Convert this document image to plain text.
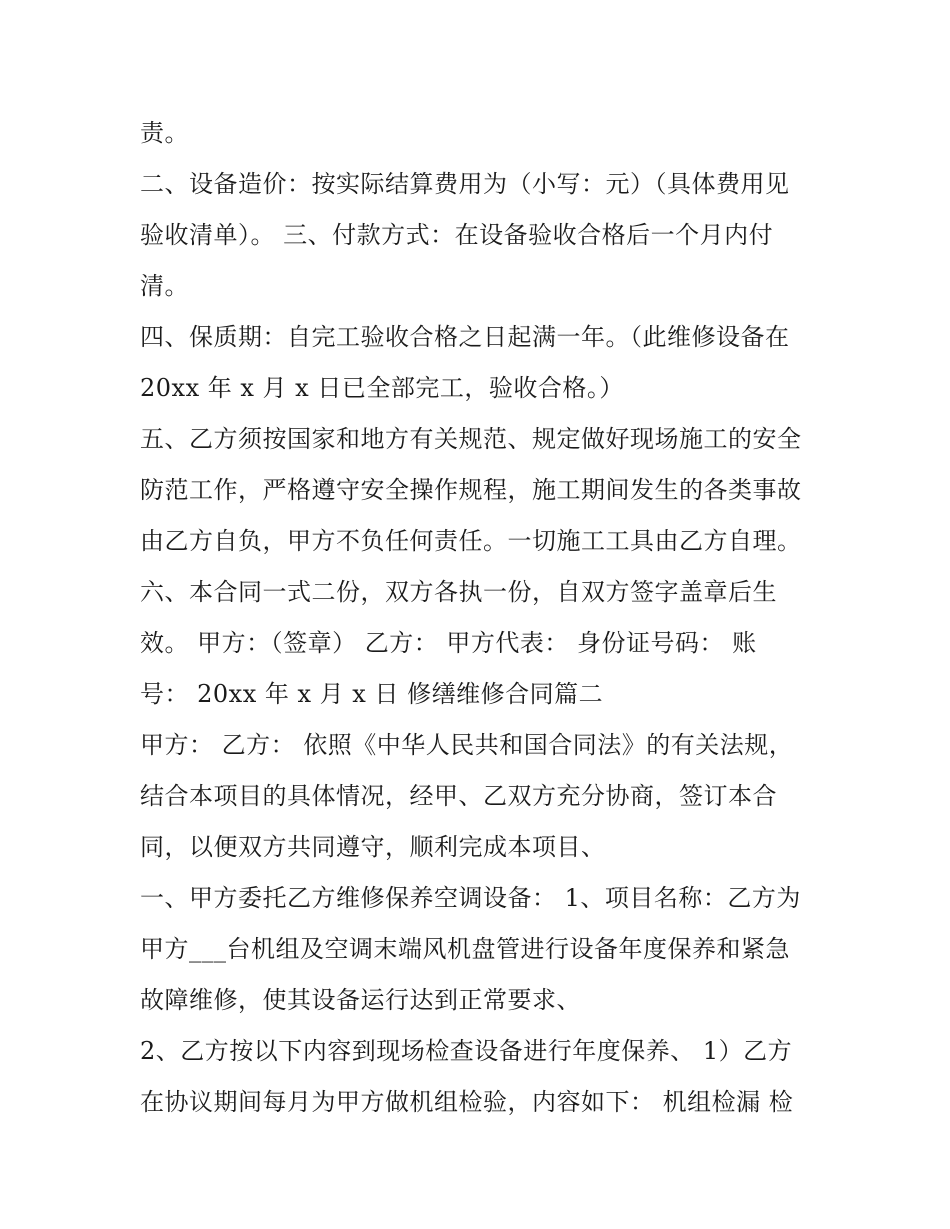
责。
二、设备造价：按实际结算费用为（小写：元）（具体费用见
验收清单）。 三、付款方式：在设备验收合格后一个月内付
清。
四、保质期：自完工验收合格之日起满一年。（此维修设备在
20xx 年 x 月 x 日已全部完工，验收合格。）
五、乙方须按国家和地方有关规范、规定做好现场施工的安全
防范工作，严格遵守安全操作规程，施工期间发生的各类事故
由乙方自负，甲方不负任何责任。一切施工工具由乙方自理。
六、本合同一式二份，双方各执一份，自双方签字盖章后生
效。 甲方：（签章） 乙方： 甲方代表： 身份证号码： 账
号： 20xx 年 x 月 x 日 修缮维修合同篇二
甲方： 乙方： 依照《中华人民共和国合同法》的有关法规，
结合本项目的具体情况，经甲、乙双方充分协商，签订本合
同，以便双方共同遵守，顺利完成本项目、
一、甲方委托乙方维修保养空调设备： 1、项目名称：乙方为
甲方___台机组及空调末端风机盘管进行设备年度保养和紧急
故障维修，使其设备运行达到正常要求、
2、乙方按以下内容到现场检查设备进行年度保养、 1）乙方
在协议期间每月为甲方做机组检验，内容如下： 机组检漏 检
